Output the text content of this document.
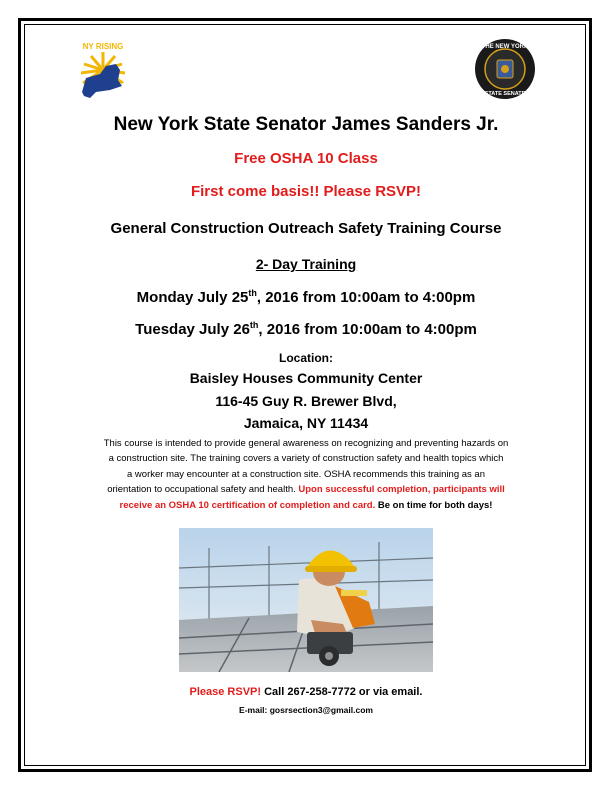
NY RISING	THE NEW YORK
STATE SENATE
New York State Senator James Sanders Jr.
Free OSHA 10 Class
First come basis!! Please RSVP!
General Construction Outreach Safety Training Course
2- Day Training
Monday July 25th, 2016 from 10:00am to 4:00pm
Tuesday July 26th, 2016 from 10:00am to 4:00pm
Location:
Baisley Houses Community Center
116-45 Guy R. Brewer Blvd,
Jamaica, NY 11434
This course is intended to provide general awareness on recognizing and preventing hazards on
a construction site. The training covers a variety of construction safety and health topics which
a worker may encounter at a construction site. OSHA recommends this training as an
orientation to occupational safety and health. Upon successful completion, participants will
receive an OSHA 10 certification of completion and card. Be on time for both days!
Please RSVP! Call 267-258-7772 or via email.
E-mail: gosrsection3@gmail.com
